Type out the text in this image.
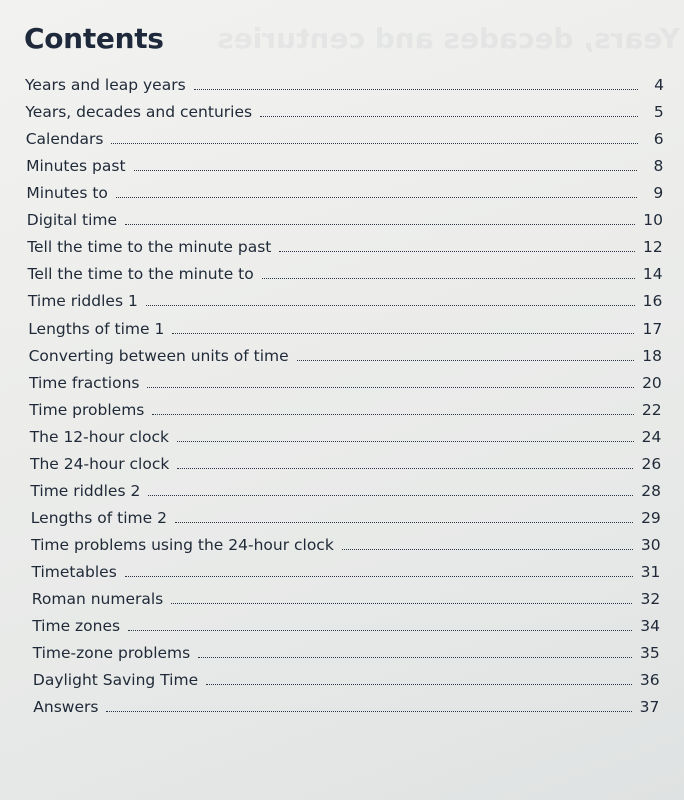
Years, decades and centuries
Contents
Years and leap years	4
Years, decades and centuries	5
Calendars	6
Minutes past	8
Minutes to	9
Digital time	10
Tell the time to the minute past	12
Tell the time to the minute to	14
Time riddles 1	16
Lengths of time 1	17
Converting between units of time	18
Time fractions	20
Time problems	22
The 12-hour clock	24
The 24-hour clock	26
Time riddles 2	28
Lengths of time 2	29
Time problems using the 24-hour clock	30
Timetables	31
Roman numerals	32
Time zones	34
Time-zone problems	35
Daylight Saving Time	36
Answers	37
